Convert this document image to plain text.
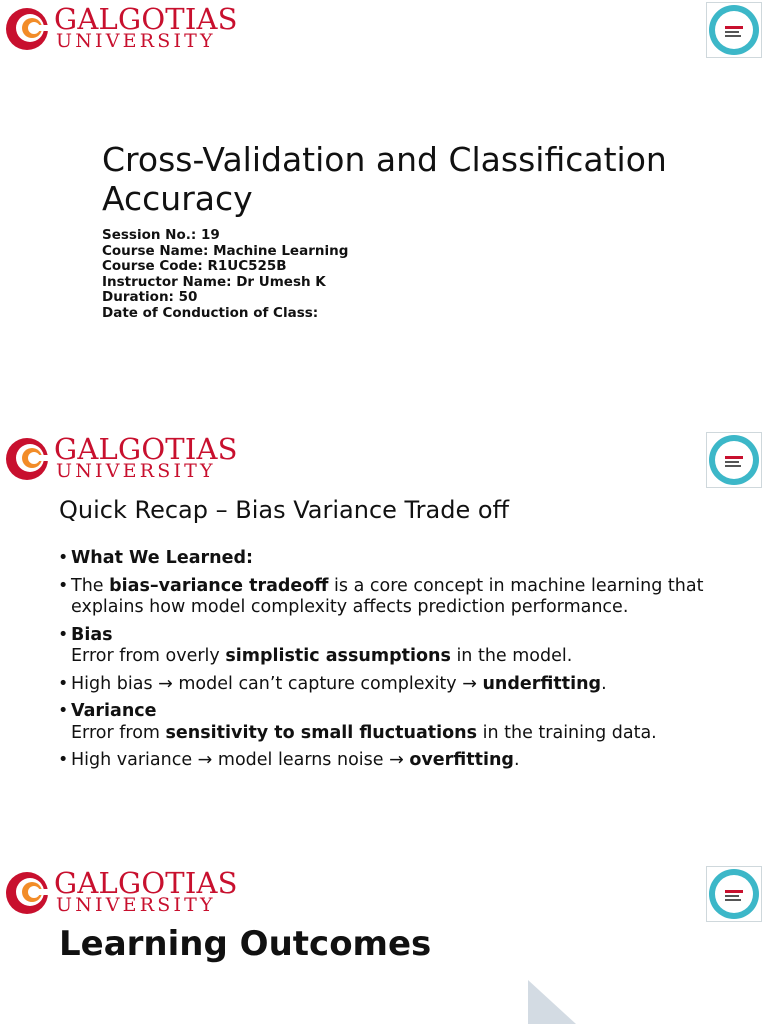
GALGOTIAS
UNIVERSITY
Cross-Validation and Classification Accuracy
Session No.: 19
Course Name: Machine Learning
Course Code: R1UC525B
Instructor Name: Dr Umesh K
Duration: 50
Date of Conduction of Class:
GALGOTIAS
UNIVERSITY
Quick Recap – Bias Variance Trade off
• What We Learned:
• The bias–variance tradeoff is a core concept in machine learning that explains how model complexity affects prediction performance.
• Bias
Error from overly simplistic assumptions in the model.
• High bias → model can’t capture complexity → underfitting.
• Variance
Error from sensitivity to small fluctuations in the training data.
• High variance → model learns noise → overfitting.
GALGOTIAS
UNIVERSITY
Learning Outcomes
